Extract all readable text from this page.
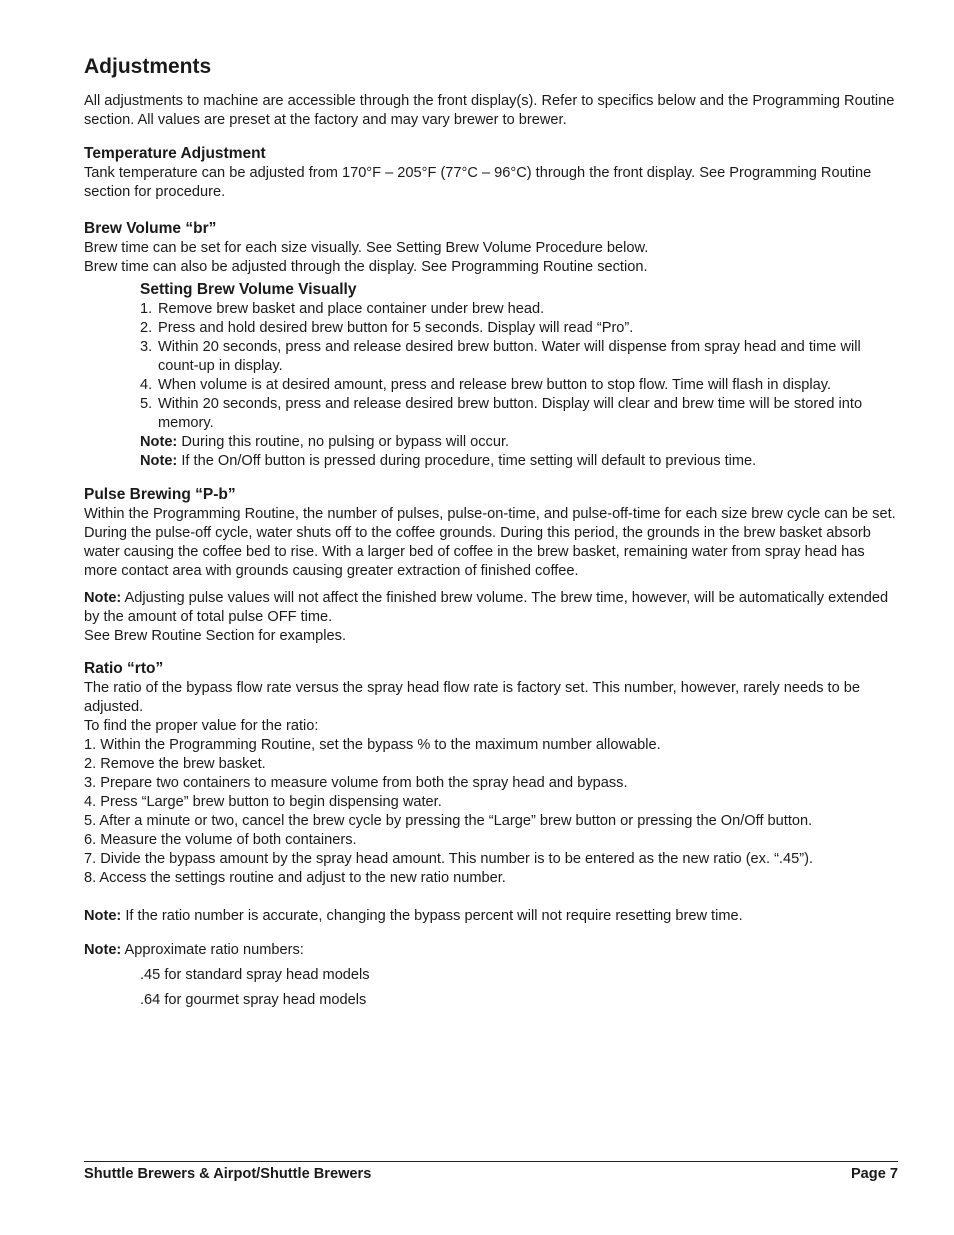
Adjustments

All adjustments to machine are accessible through the front display(s). Refer to specifics below and the Programming Routine section. All values are preset at the factory and may vary brewer to brewer.

Temperature Adjustment

Tank temperature can be adjusted from 170°F – 205°F (77°C – 96°C) through the front display. See Programming Routine section for procedure.

Brew Volume “br”

Brew time can be set for each size visually. See Setting Brew Volume Procedure below.

Brew time can also be adjusted through the display. See Programming Routine section.

Setting Brew Volume Visually

1. Remove brew basket and place container under brew head.
2. Press and hold desired brew button for 5 seconds. Display will read “Pro”.
3. Within 20 seconds, press and release desired brew button. Water will dispense from spray head and time will count-up in display.
4. When volume is at desired amount, press and release brew button to stop flow. Time will flash in display.
5. Within 20 seconds, press and release desired brew button. Display will clear and brew time will be stored into memory.

Note: During this routine, no pulsing or bypass will occur.

Note: If the On/Off button is pressed during procedure, time setting will default to previous time.

Pulse Brewing “P-b”

Within the Programming Routine, the number of pulses, pulse-on-time, and pulse-off-time for each size brew cycle can be set. During the pulse-off cycle, water shuts off to the coffee grounds. During this period, the grounds in the brew basket absorb water causing the coffee bed to rise. With a larger bed of coffee in the brew basket, remaining water from spray head has more contact area with grounds causing greater extraction of finished coffee.

Note: Adjusting pulse values will not affect the finished brew volume. The brew time, however, will be automatically extended by the amount of total pulse OFF time.

See Brew Routine Section for examples.

Ratio “rto”

The ratio of the bypass flow rate versus the spray head flow rate is factory set. This number, however, rarely needs to be adjusted.

To find the proper value for the ratio:

1. Within the Programming Routine, set the bypass % to the maximum number allowable.

2. Remove the brew basket.

3. Prepare two containers to measure volume from both the spray head and bypass.

4. Press “Large” brew button to begin dispensing water.

5. After a minute or two, cancel the brew cycle by pressing the “Large” brew button or pressing the On/Off button.

6. Measure the volume of both containers.

7. Divide the bypass amount by the spray head amount. This number is to be entered as the new ratio (ex. “.45”).

8. Access the settings routine and adjust to the new ratio number.

Note: If the ratio number is accurate, changing the bypass percent will not require resetting brew time.

Note: Approximate ratio numbers:

.45 for standard spray head models

.64 for gourmet spray head models

Shuttle Brewers & Airpot/Shuttle Brewers	Page 7
